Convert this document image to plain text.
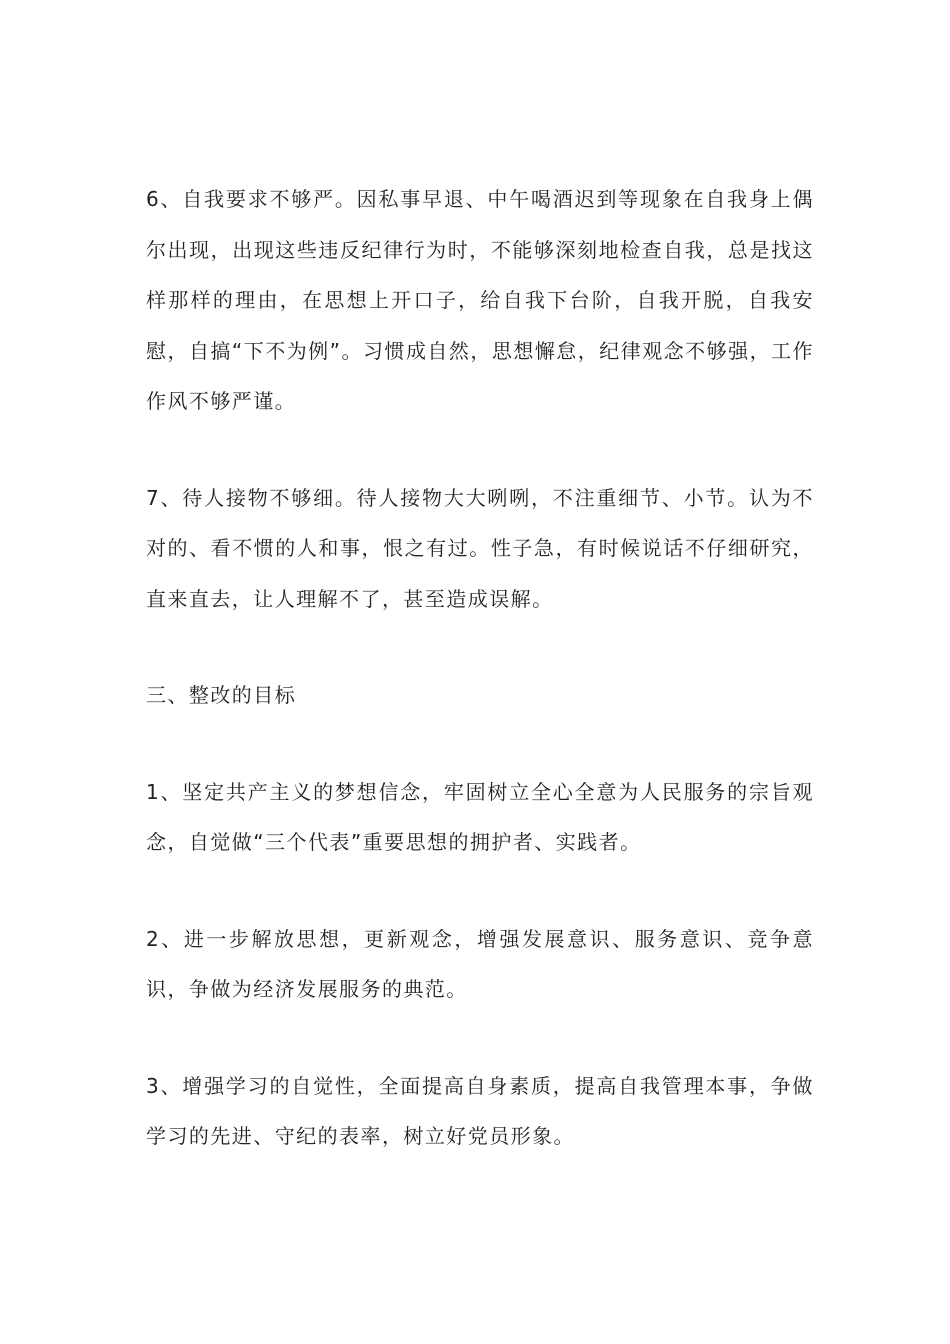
6、自我要求不够严。因私事早退、中午喝酒迟到等现象在自我身上偶尔出现，出现这些违反纪律行为时，不能够深刻地检查自我，总是找这样那样的理由，在思想上开口子，给自我下台阶，自我开脱，自我安慰，自搞“下不为例”。习惯成自然，思想懈怠，纪律观念不够强，工作作风不够严谨。

7、待人接物不够细。待人接物大大咧咧，不注重细节、小节。认为不对的、看不惯的人和事，恨之有过。性子急，有时候说话不仔细研究，直来直去，让人理解不了，甚至造成误解。

三、整改的目标

1、坚定共产主义的梦想信念，牢固树立全心全意为人民服务的宗旨观念，自觉做“三个代表”重要思想的拥护者、实践者。

2、进一步解放思想，更新观念，增强发展意识、服务意识、竞争意识，争做为经济发展服务的典范。

3、增强学习的自觉性，全面提高自身素质，提高自我管理本事，争做学习的先进、守纪的表率，树立好党员形象。
